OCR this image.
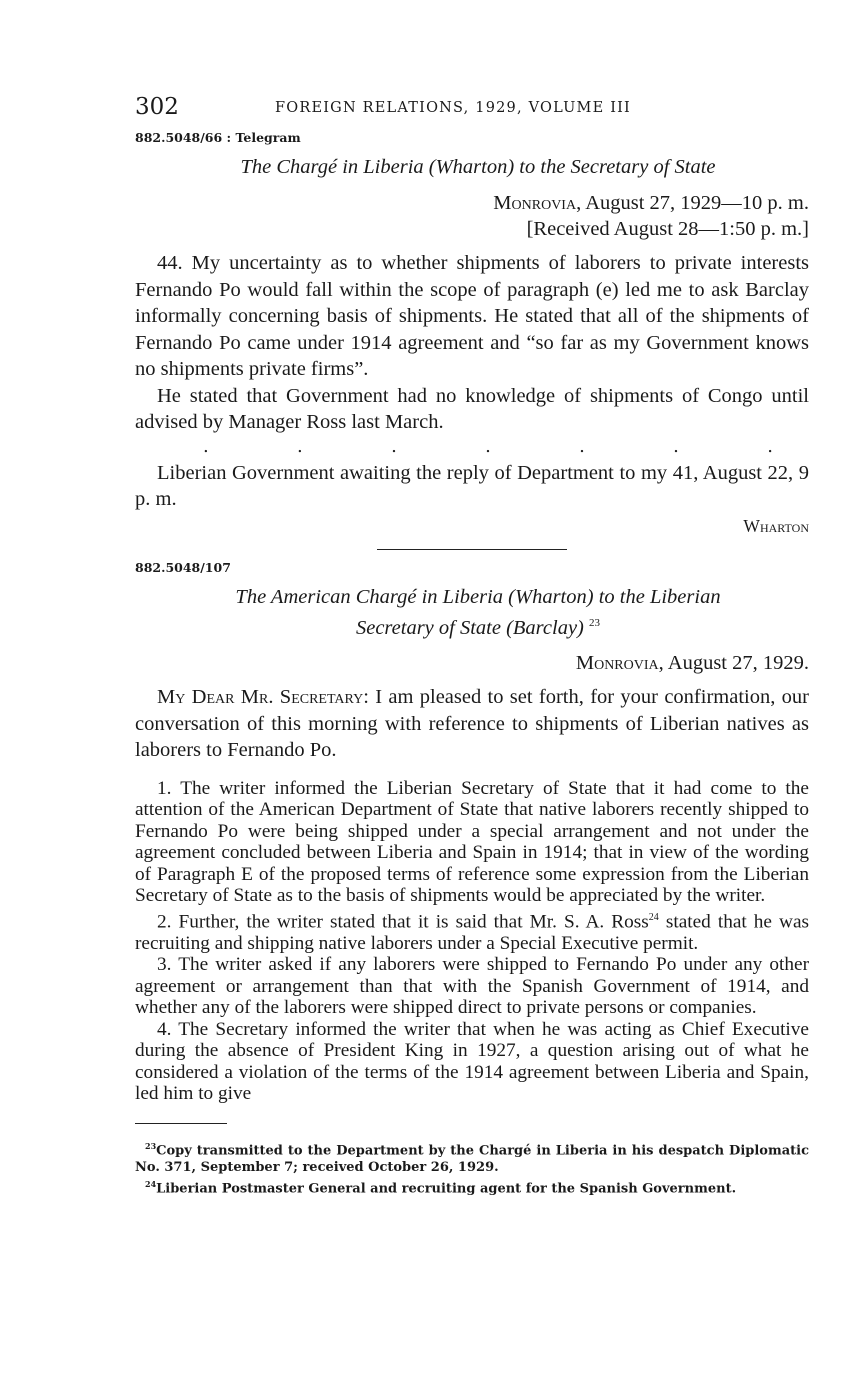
302	FOREIGN RELATIONS, 1929, VOLUME III
882.5048/66 : Telegram
The Chargé in Liberia (Wharton) to the Secretary of State
Monrovia, August 27, 1929—10 p. m.
[Received August 28—1:50 p. m.]

44. My uncertainty as to whether shipments of laborers to private interests Fernando Po would fall within the scope of paragraph (e) led me to ask Barclay informally concerning basis of shipments. He stated that all of the shipments of Fernando Po came under 1914 agreement and “so far as my Government knows no shipments private firms”.

He stated that Government had no knowledge of shipments of Congo until advised by Manager Ross last March.

.	.	.	.	.	.	.

Liberian Government awaiting the reply of Department to my 41, August 22, 9 p. m.

Wharton
882.5048/107
The American Chargé in Liberia (Wharton) to the Liberian
Secretary of State (Barclay) $^{23}$
Monrovia, August 27, 1929.

My Dear Mr. Secretary: I am pleased to set forth, for your confirmation, our conversation of this morning with reference to shipments of Liberian natives as laborers to Fernando Po.

1. The writer informed the Liberian Secretary of State that it had come to the attention of the American Department of State that native laborers recently shipped to Fernando Po were being shipped under a special arrangement and not under the agreement concluded between Liberia and Spain in 1914; that in view of the wording of Paragraph E of the proposed terms of reference some expression from the Liberian Secretary of State as to the basis of shipments would be appreciated by the writer.

2. Further, the writer stated that it is said that Mr. S. A. Ross$^{24}$ stated that he was recruiting and shipping native laborers under a Special Executive permit.

3. The writer asked if any laborers were shipped to Fernando Po under any other agreement or arrangement than that with the Spanish Government of 1914, and whether any of the laborers were shipped direct to private persons or companies.

4. The Secretary informed the writer that when he was acting as Chief Executive during the absence of President King in 1927, a question arising out of what he considered a violation of the terms of the 1914 agreement between Liberia and Spain, led him to give

$^{23}$Copy transmitted to the Department by the Chargé in Liberia in his despatch Diplomatic No. 371, September 7; received October 26, 1929.

$^{24}$Liberian Postmaster General and recruiting agent for the Spanish Government.
